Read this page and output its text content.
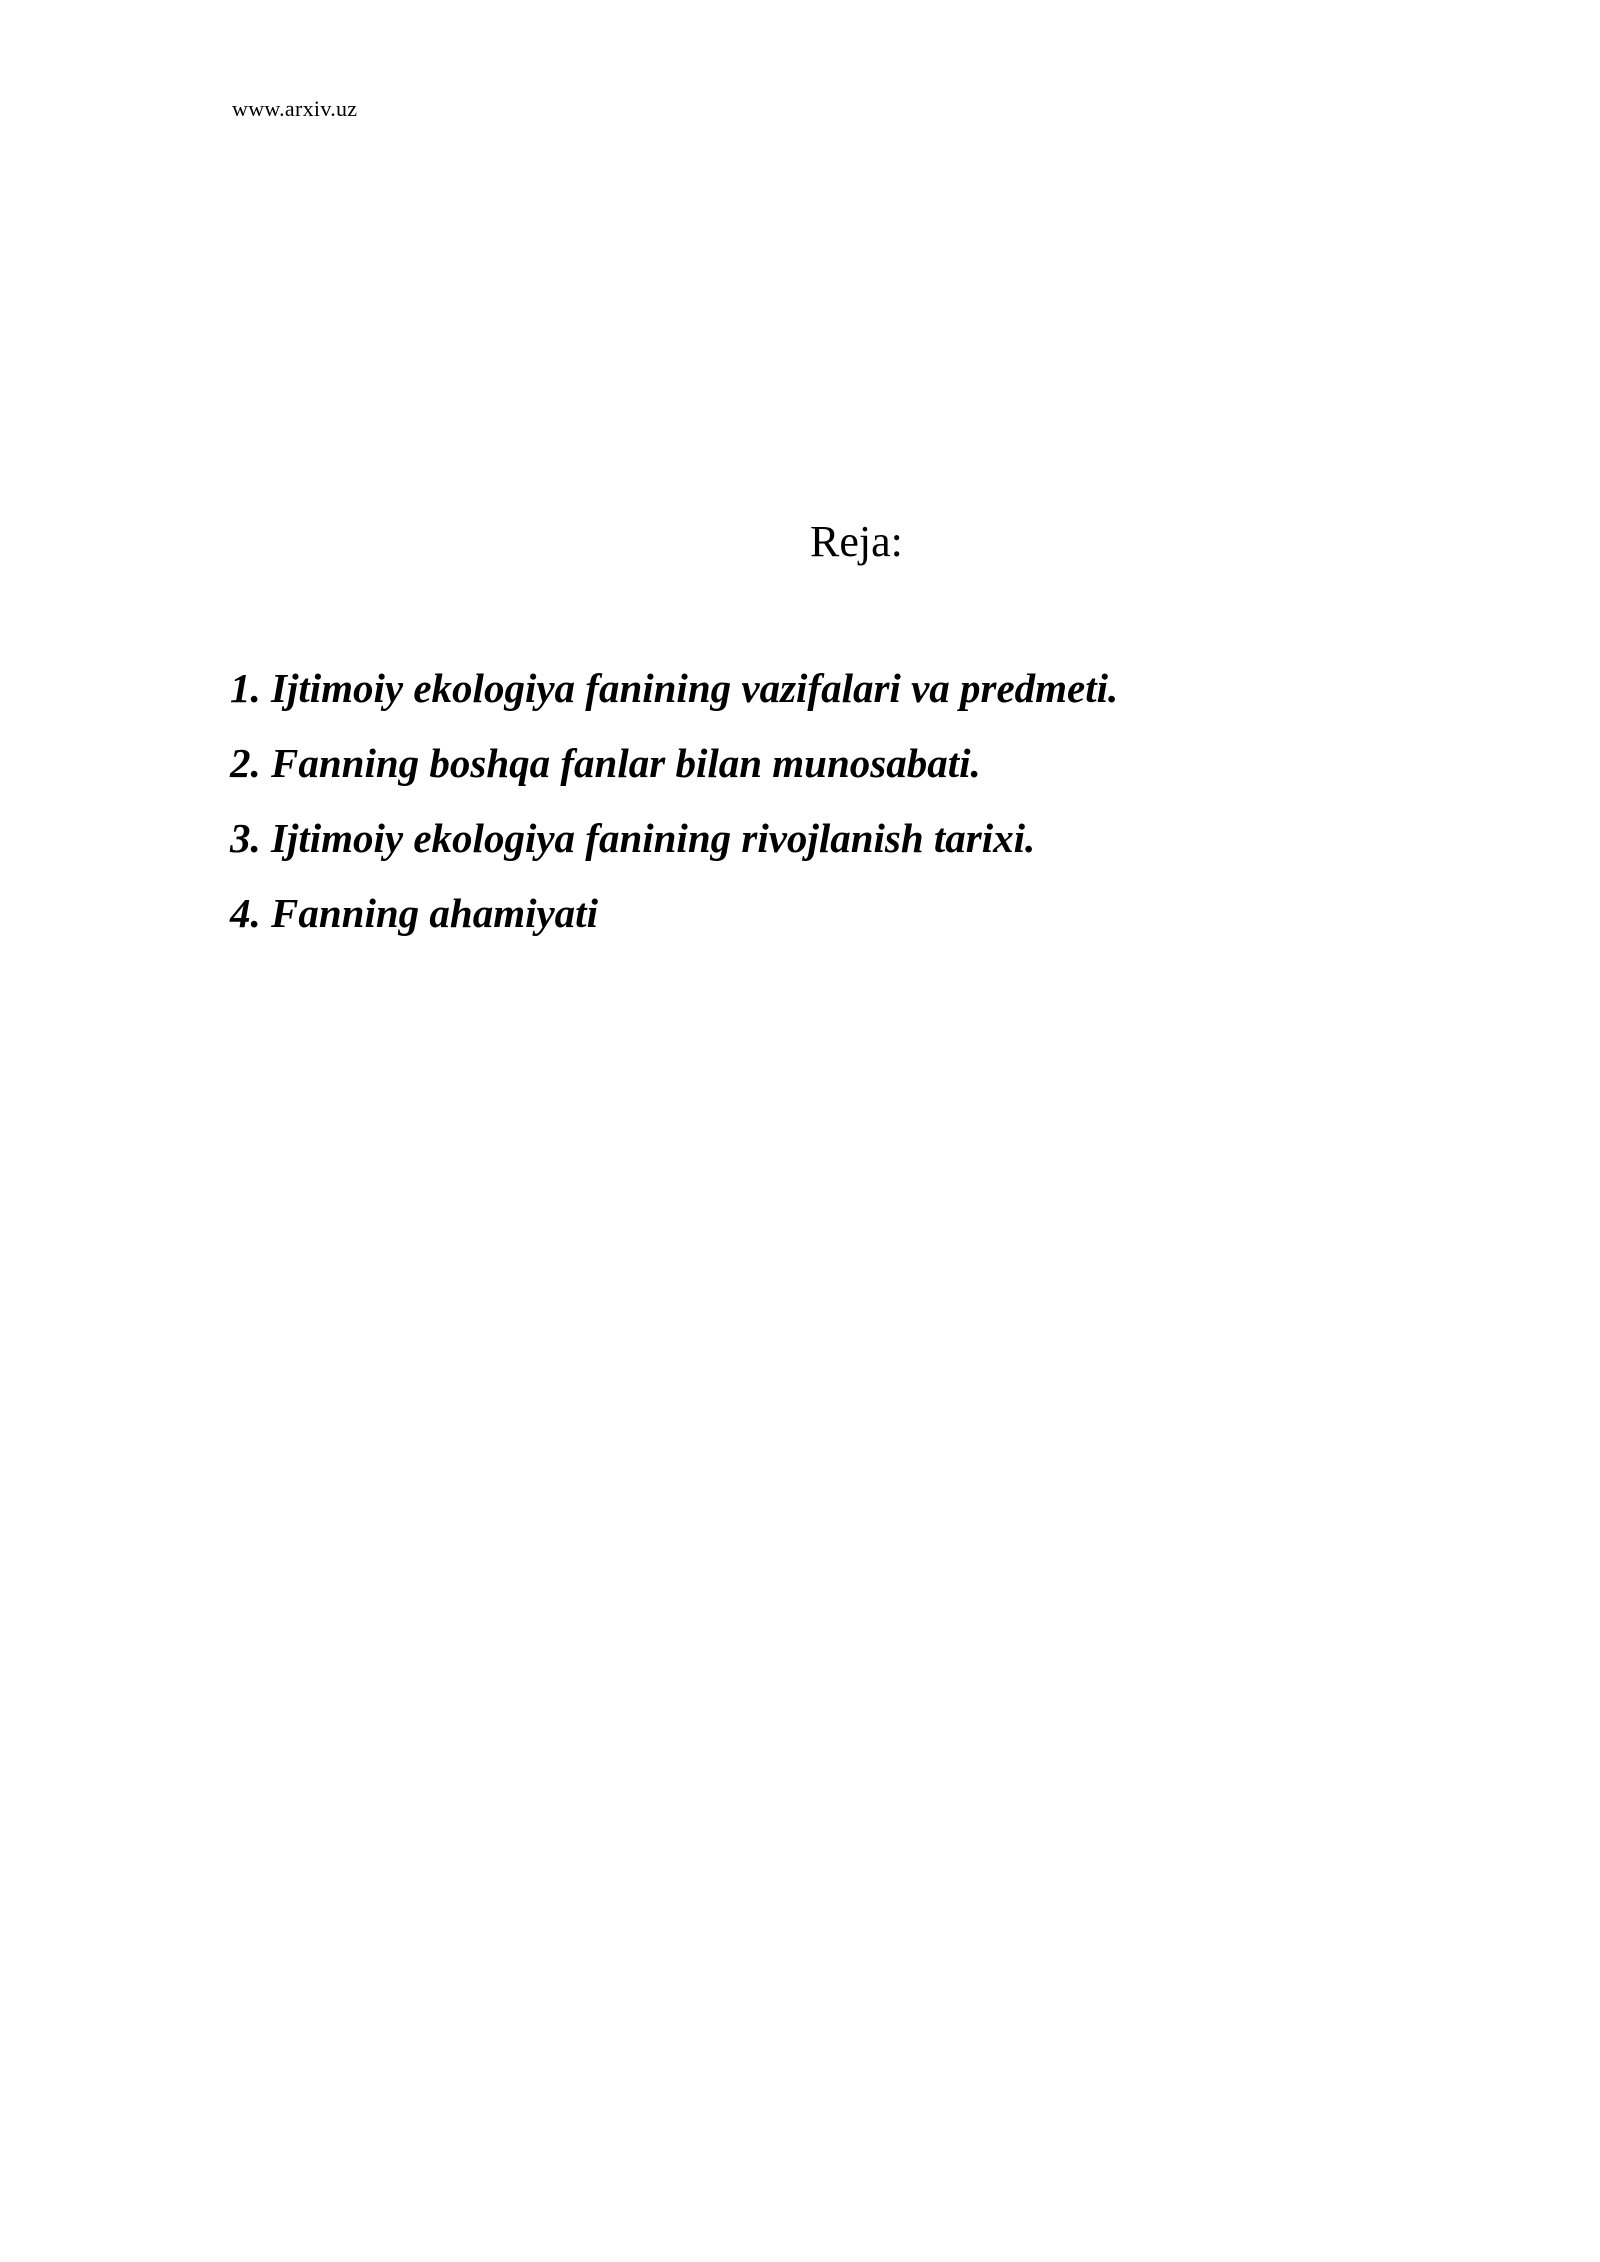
www.arxiv.uz
Reja:
1. Ijtimoiy ekologiya fanining vazifalari va predmeti.
2. Fanning boshqa fanlar bilan munosabati.
3. Ijtimoiy ekologiya fanining rivojlanish tarixi.
4. Fanning ahamiyati
